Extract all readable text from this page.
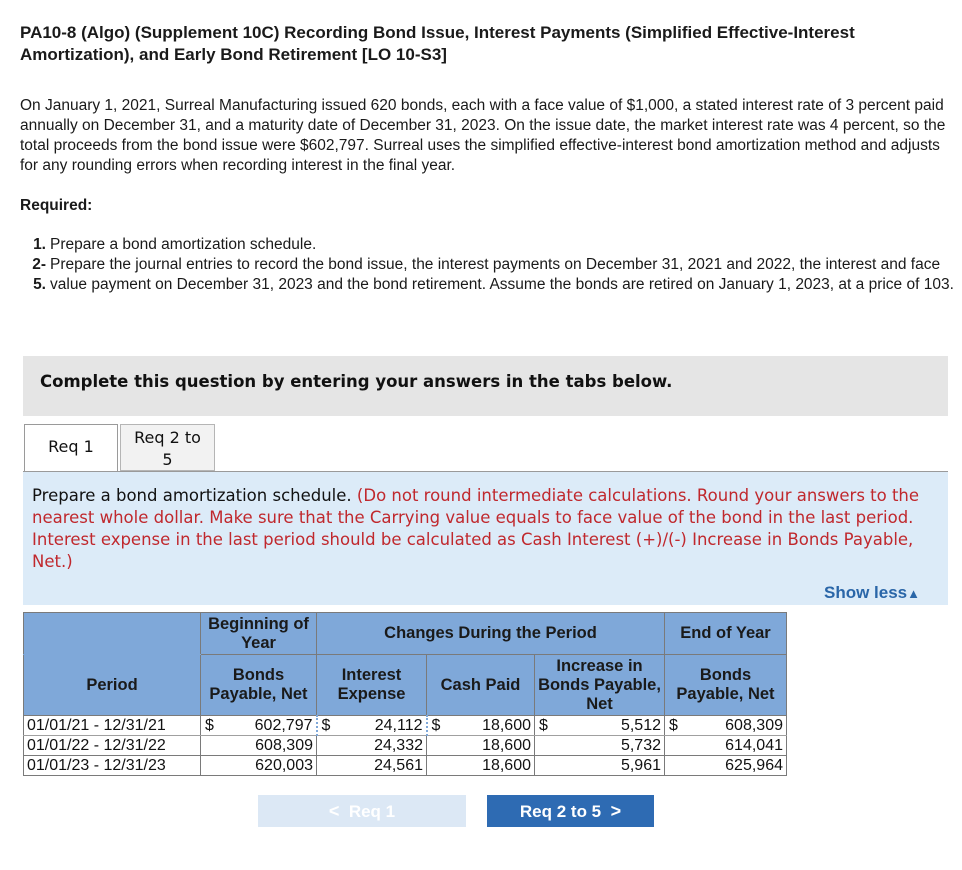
PA10-8 (Algo) (Supplement 10C) Recording Bond Issue, Interest Payments (Simplified Effective-Interest Amortization), and Early Bond Retirement [LO 10-S3]
On January 1, 2021, Surreal Manufacturing issued 620 bonds, each with a face value of $1,000, a stated interest rate of 3 percent paid annually on December 31, and a maturity date of December 31, 2023. On the issue date, the market interest rate was 4 percent, so the total proceeds from the bond issue were $602,797. Surreal uses the simplified effective-interest bond amortization method and adjusts for any rounding errors when recording interest in the final year.
Required:
1. Prepare a bond amortization schedule.
2-5.
Prepare the journal entries to record the bond issue, the interest payments on December 31, 2021 and 2022, the interest and face value payment on December 31, 2023 and the bond retirement. Assume the bonds are retired on January 1, 2023, at a price of 103.
Complete this question by entering your answers in the tabs below.
Req 1	Req 2 to
5
Prepare a bond amortization schedule. (Do not round intermediate calculations. Round your answers to the nearest whole dollar. Make sure that the Carrying value equals to face value of the bond in the last period. Interest expense in the last period should be calculated as Cash Interest (+)/(-) Increase in Bonds Payable, Net.)
Show less▲
	Beginning of Year	Changes During the Period			End of Year
Period	Bonds Payable, Net	Interest Expense	Cash Paid	Increase in Bonds Payable, Net	Bonds Payable, Net
01/01/21 - 12/31/21	$ 602,797	$ 24,112	$ 18,600	$ 5,512	$ 608,309
01/01/22 - 12/31/22	608,309	24,332	18,600	5,732	614,041
01/01/23 - 12/31/23	620,003	24,561	18,600	5,961	625,964
< Req 1	Req 2 to 5 >
